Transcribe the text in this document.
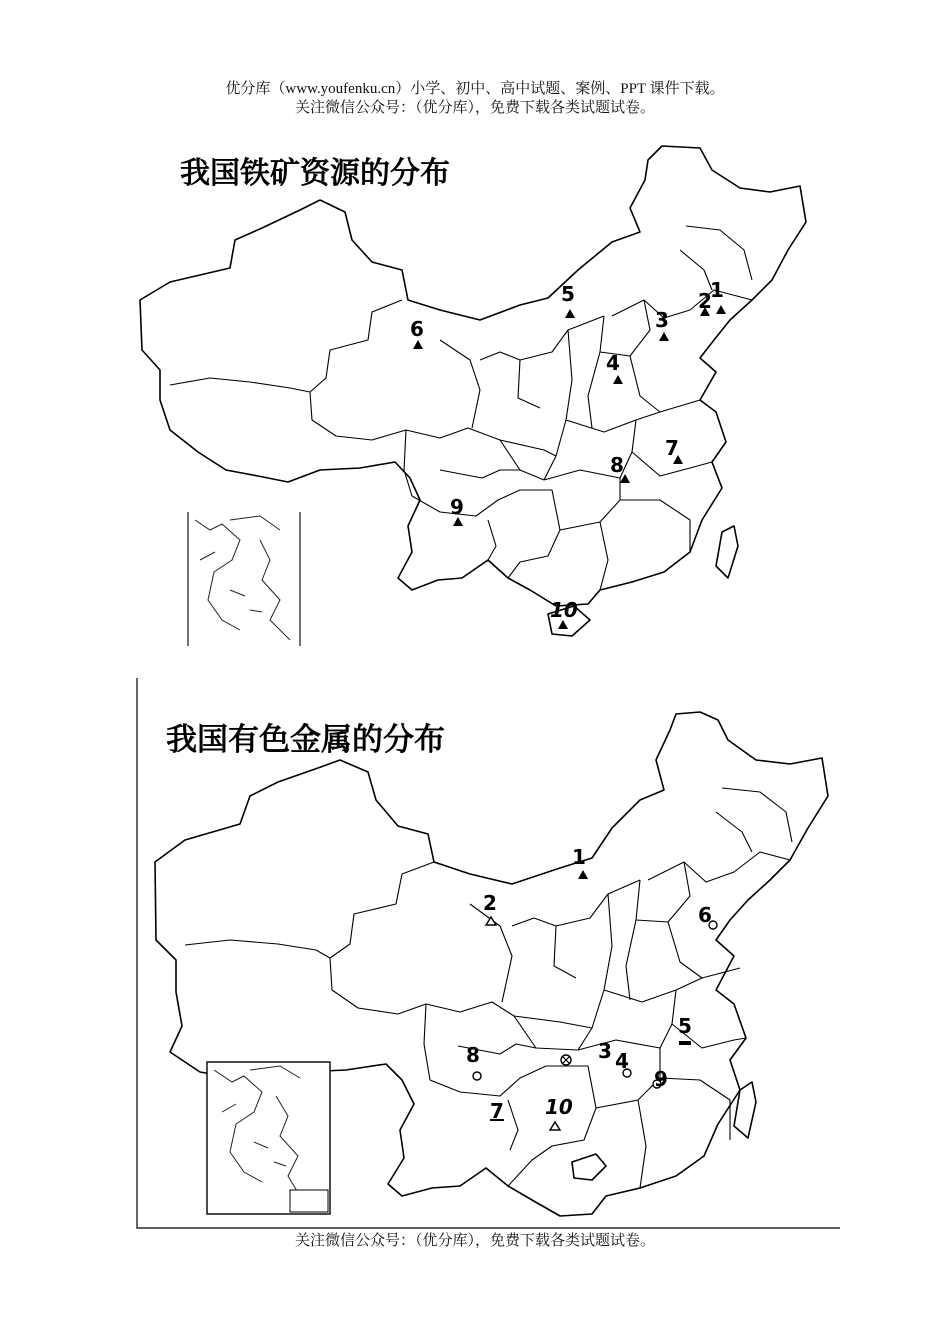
优分库（www.youfenku.cn）小学、初中、高中试题、案例、PPT 课件下载。
关注微信公众号：（优分库），免费下载各类试题试卷。
我国铁矿资源的分布
1
2
3
4
5
6
7
8
9
10
我国有色金属的分布
1
2
3 4
5
6
7
8
9
10
关注微信公众号：（优分库），免费下载各类试题试卷。
